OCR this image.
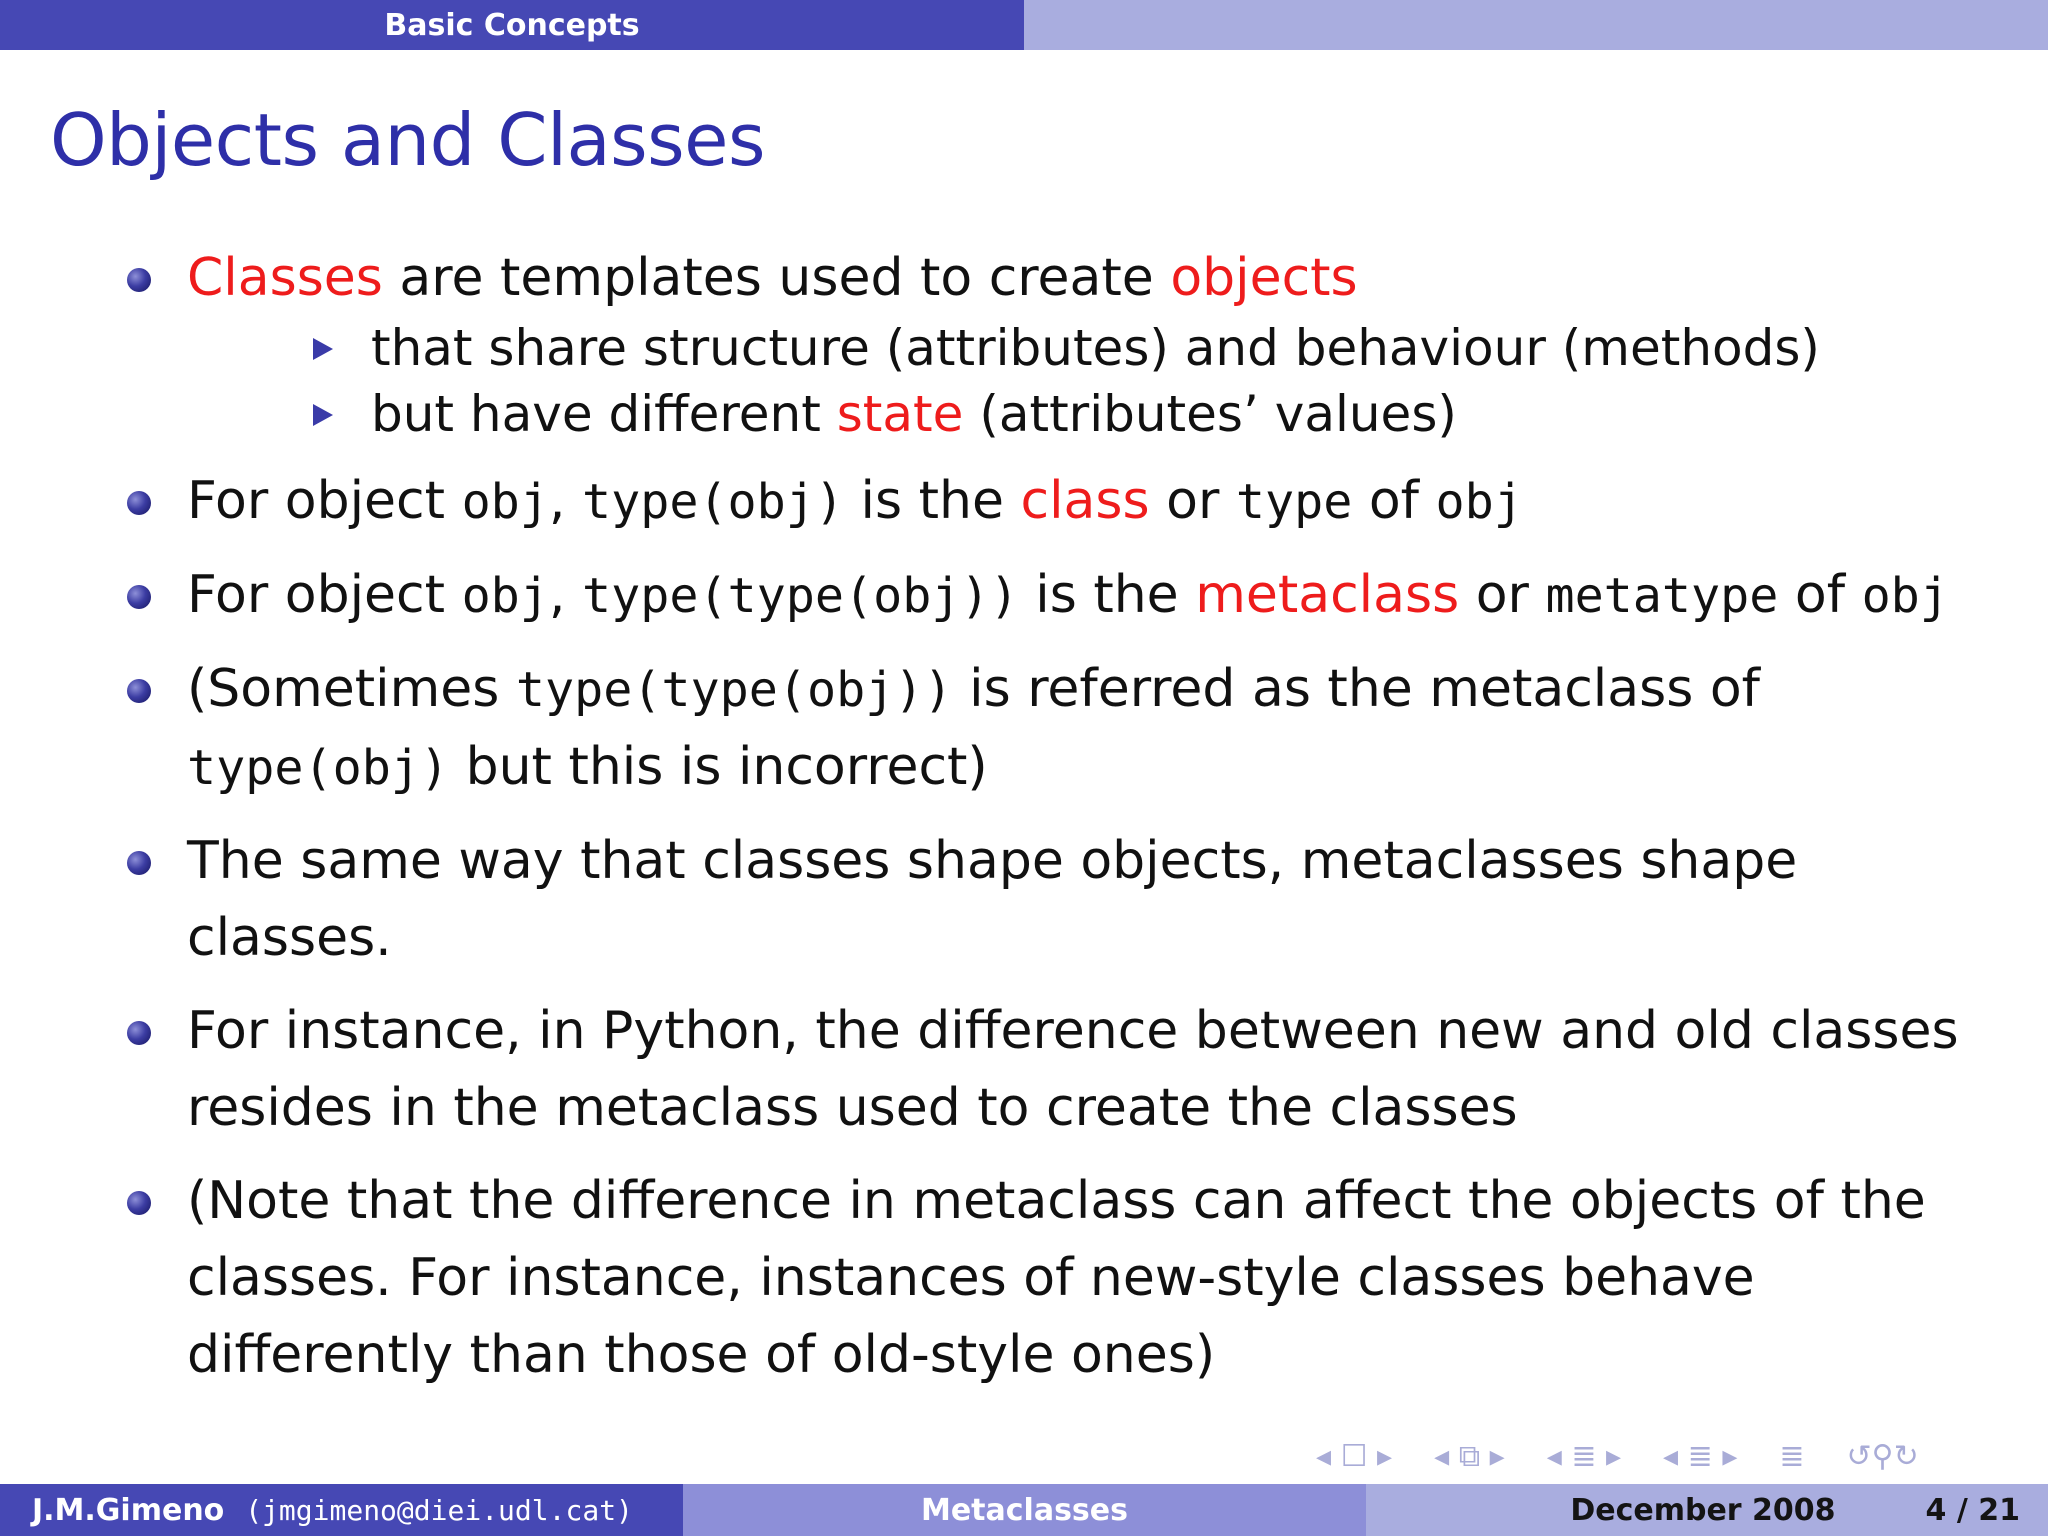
Basic Concepts
Objects and Classes
Classes are templates used to create objects
that share structure (attributes) and behaviour (methods)
but have different state (attributes’ values)
For object obj, type(obj) is the class or type of obj
For object obj, type(type(obj)) is the metaclass or metatype of obj
(Sometimes type(type(obj)) is referred as the metaclass of type(obj) but this is incorrect)
The same way that classes shape objects, metaclasses shape classes.
For instance, in Python, the difference between new and old classes resides in the metaclass used to create the classes
(Note that the difference in metaclass can affect the objects of the classes. For instance, instances of new-style classes behave differently than those of old-style ones)
◂ ☐ ▸ ◂ ⧉ ▸ ◂ ≣ ▸ ◂ ≣ ▸ ≣ ↺⚲↻
J.M.Gimeno
(jmgimeno@diei.udl.cat)	Metaclasses	December 2008	4 / 21
